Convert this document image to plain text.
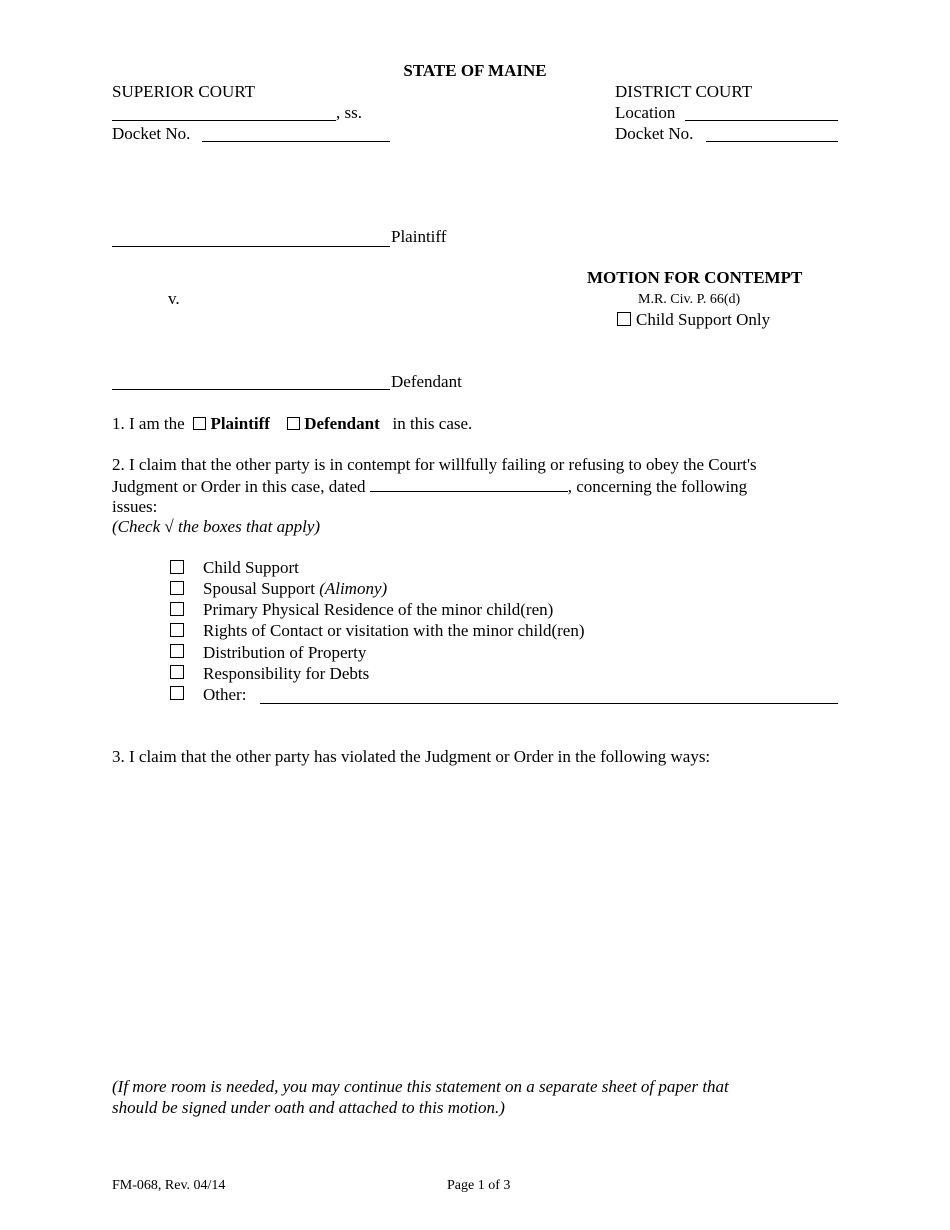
STATE OF MAINE
SUPERIOR COURT
, ss.
Docket No.
DISTRICT COURT
Location
Docket No.
Plaintiff
v.
Defendant
MOTION FOR CONTEMPT
M.R. Civ. P. 66(d)
Child Support Only
1. I am the Plaintiff Defendant in this case.
2. I claim that the other party is in contempt for willfully failing or refusing to obey the Court's
Judgment or Order in this case, dated	, concerning the following
issues:
(Check √ the boxes that apply)
Child Support
Spousal Support (Alimony)
Primary Physical Residence of the minor child(ren)
Rights of Contact or visitation with the minor child(ren)
Distribution of Property
Responsibility for Debts
Other:
3. I claim that the other party has violated the Judgment or Order in the following ways:
(If more room is needed, you may continue this statement on a separate sheet of paper that
should be signed under oath and attached to this motion.)
FM-068, Rev. 04/14	Page 1 of 3
